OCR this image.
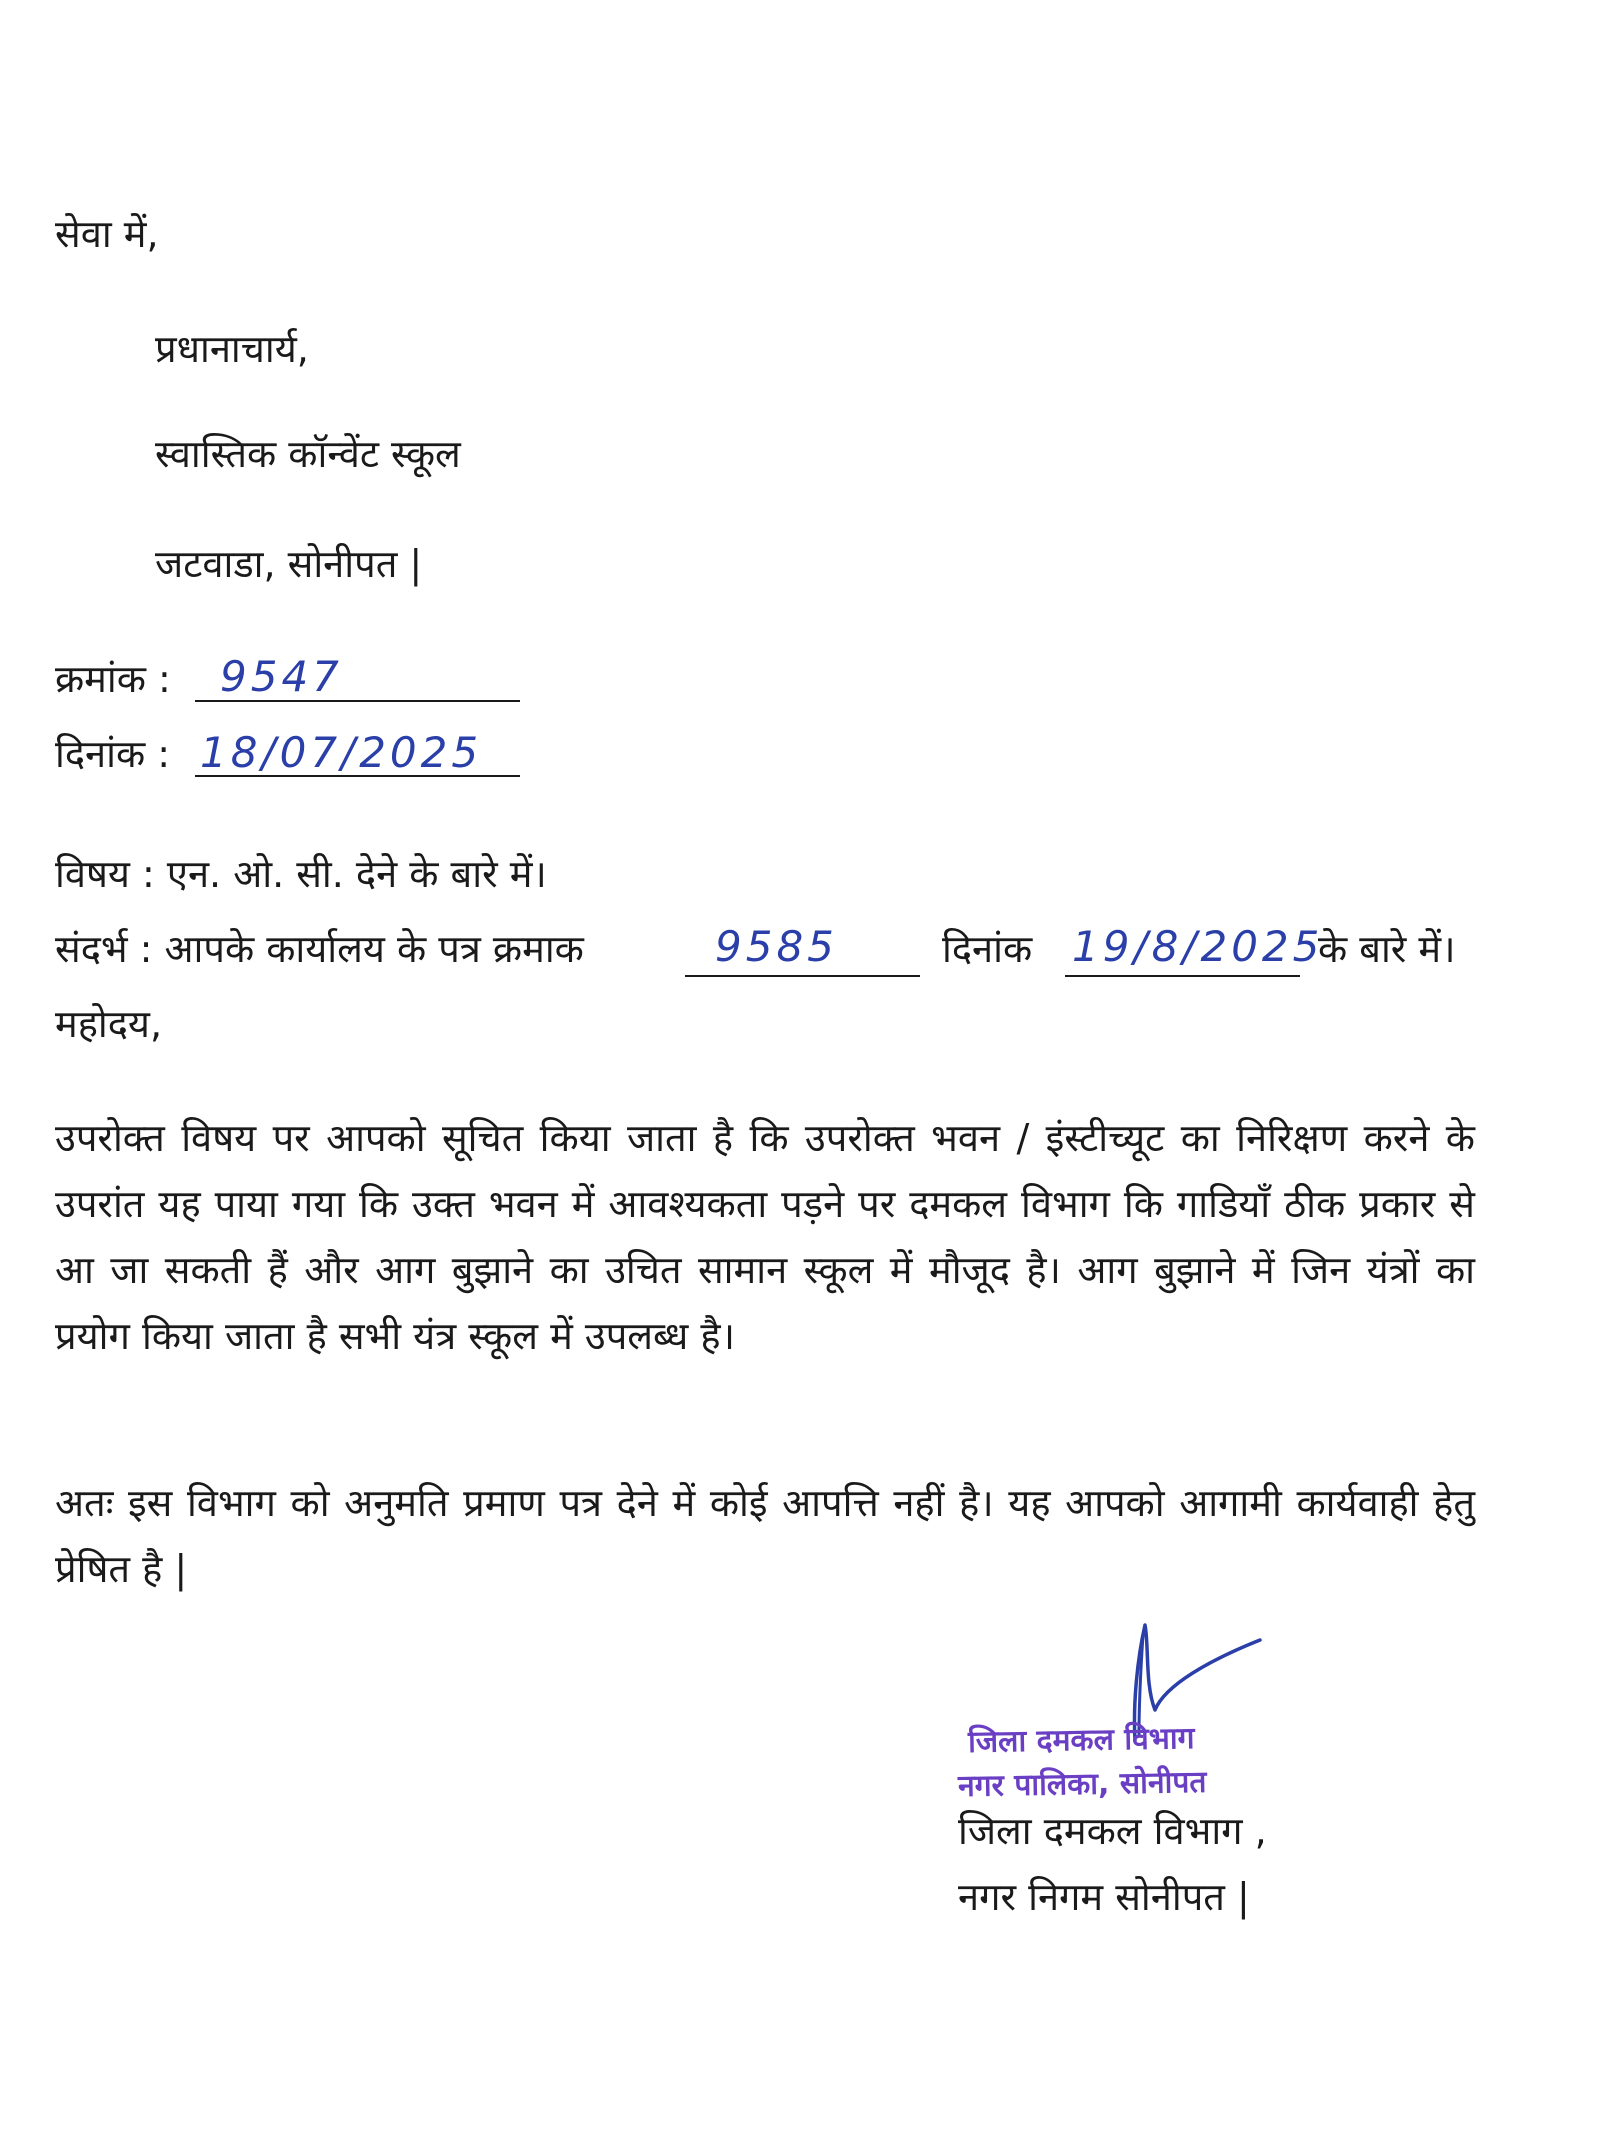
सेवा में,
प्रधानाचार्य,
स्वास्तिक कॉन्वेंट स्कूल
जटवाडा, सोनीपत |
क्रमांक : 9547
दिनांक : 18/07/2025
विषय : एन. ओ. सी. देने के बारे में।
संदर्भ : आपके कार्यालय के पत्र क्रमाक	9585	दिनांक 19/8/2025
के बारे में।
महोदय,
उपरोक्त विषय पर आपको सूचित किया जाता है कि उपरोक्त भवन / इंस्टीच्यूट का निरिक्षण करने के उपरांत यह पाया गया कि उक्त भवन में आवश्यकता पड़ने पर दमकल विभाग कि गाडियाँ ठीक प्रकार से आ जा सकती हैं और आग बुझाने का उचित सामान स्कूल में मौजूद है। आग बुझाने में जिन यंत्रों का प्रयोग किया जाता है सभी यंत्र स्कूल में उपलब्ध है।
अतः इस विभाग को अनुमति प्रमाण पत्र देने में कोई आपत्ति नहीं है। यह आपको आगामी कार्यवाही हेतु प्रेषित है |
जिला दमकल विभाग
नगर पालिका, सोनीपत
जिला दमकल विभाग ,
नगर निगम सोनीपत |
